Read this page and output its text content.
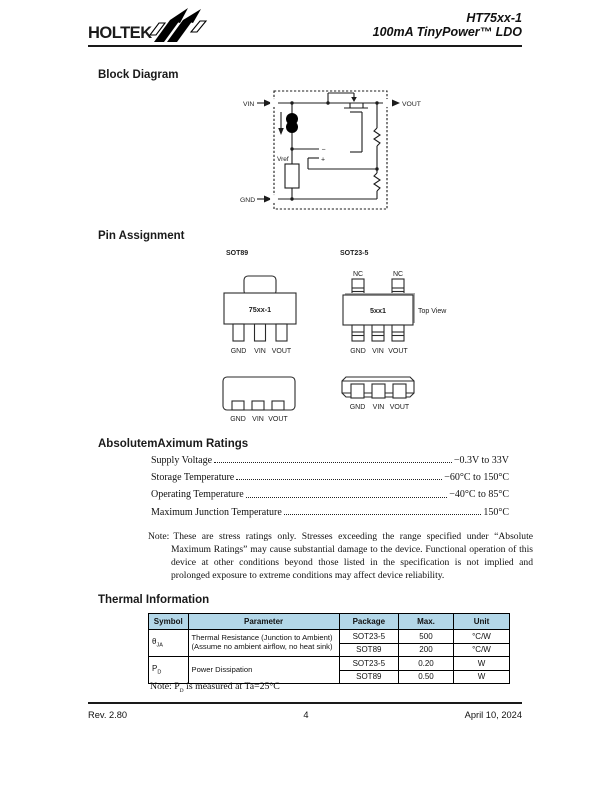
HOLTEK
HT75xx-1
100mA TinyPower™ LDO
Block Diagram
VIN
−
+
Vref
GND
VOUT
Pin Assignment
SOT89
75xx-1
GND VIN VOUT
SOT23-5
NC	NC
5xx1	Top View
GND VIN VOUT
GND VIN VOUT
GND VIN VOUT
AbsolutemAximum Ratings
Supply Voltage	−0.3V to 33V
Storage Temperature	−60°C to 150°C
Operating Temperature	−40°C to 85°C
Maximum Junction Temperature	150°C
Note: These are stress ratings only. Stresses exceeding the range specified under “Absolute Maximum Ratings” may cause substantial damage to the device. Functional operation of this device at other conditions beyond those listed in the specification is not implied and prolonged exposure to extreme conditions may affect device reliability.
Thermal Information
Symbol	Parameter	Package	Max.	Unit
$\theta_{JA}$	Thermal Resistance (Junction to Ambient)
(Assume no ambient airflow, no heat sink)	SOT23-5	500	°C/W
		SOT89	200	°C/W
$P_D$	Power Dissipation	SOT23-5	0.20	W
		SOT89	0.50	W
Note: $P_D$ is measured at Ta=25°C
Rev. 2.80	4	April 10, 2024
